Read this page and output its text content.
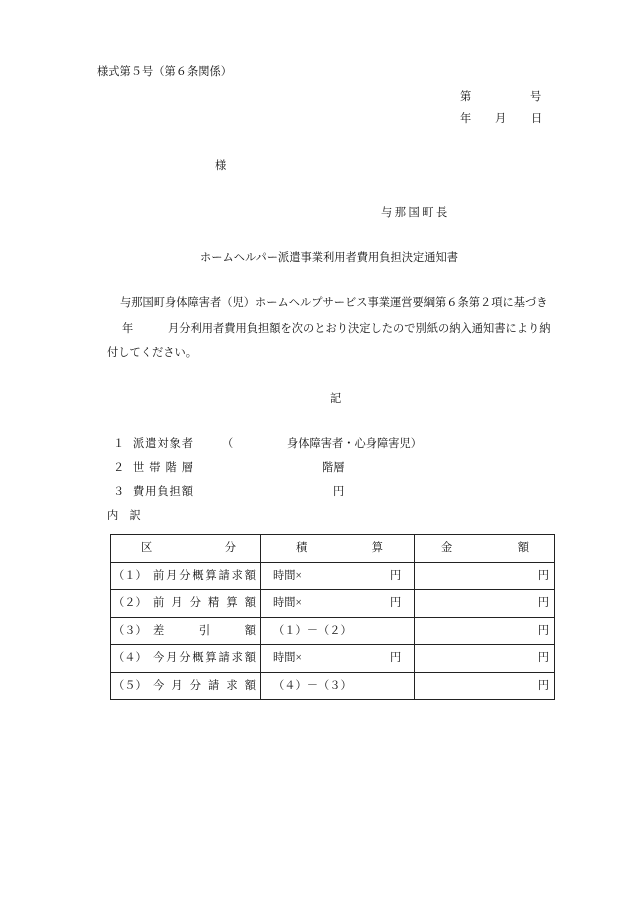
様式第５号（第６条関係）
第	号
年 月 日
様
与那国町長
ホームヘルパー派遣事業利用者費用負担決定通知書
与那国町身体障害者（児）ホームヘルプサービス事業運営要綱第６条第２項に基づき
年	月分利用者費用負担額を次のとおり決定したので別紙の納入通知書により納
付してください。
記
１ 派遣対象者	（	身体障害者・心身障害児）
２ 世 帯 階 層	階層
３ 費用負担額	円
内　訳
区 分	積 算	金 額

（１） 前月分概算請求額	時間× 円	円

（２） 前 月 分 精 算 額	時間× 円	円

（３） 差　　引　　額	（１）－（２）	円

（４） 今月分概算請求額	時間× 円	円

（５） 今 月 分 請 求 額	（４）－（３）	円
